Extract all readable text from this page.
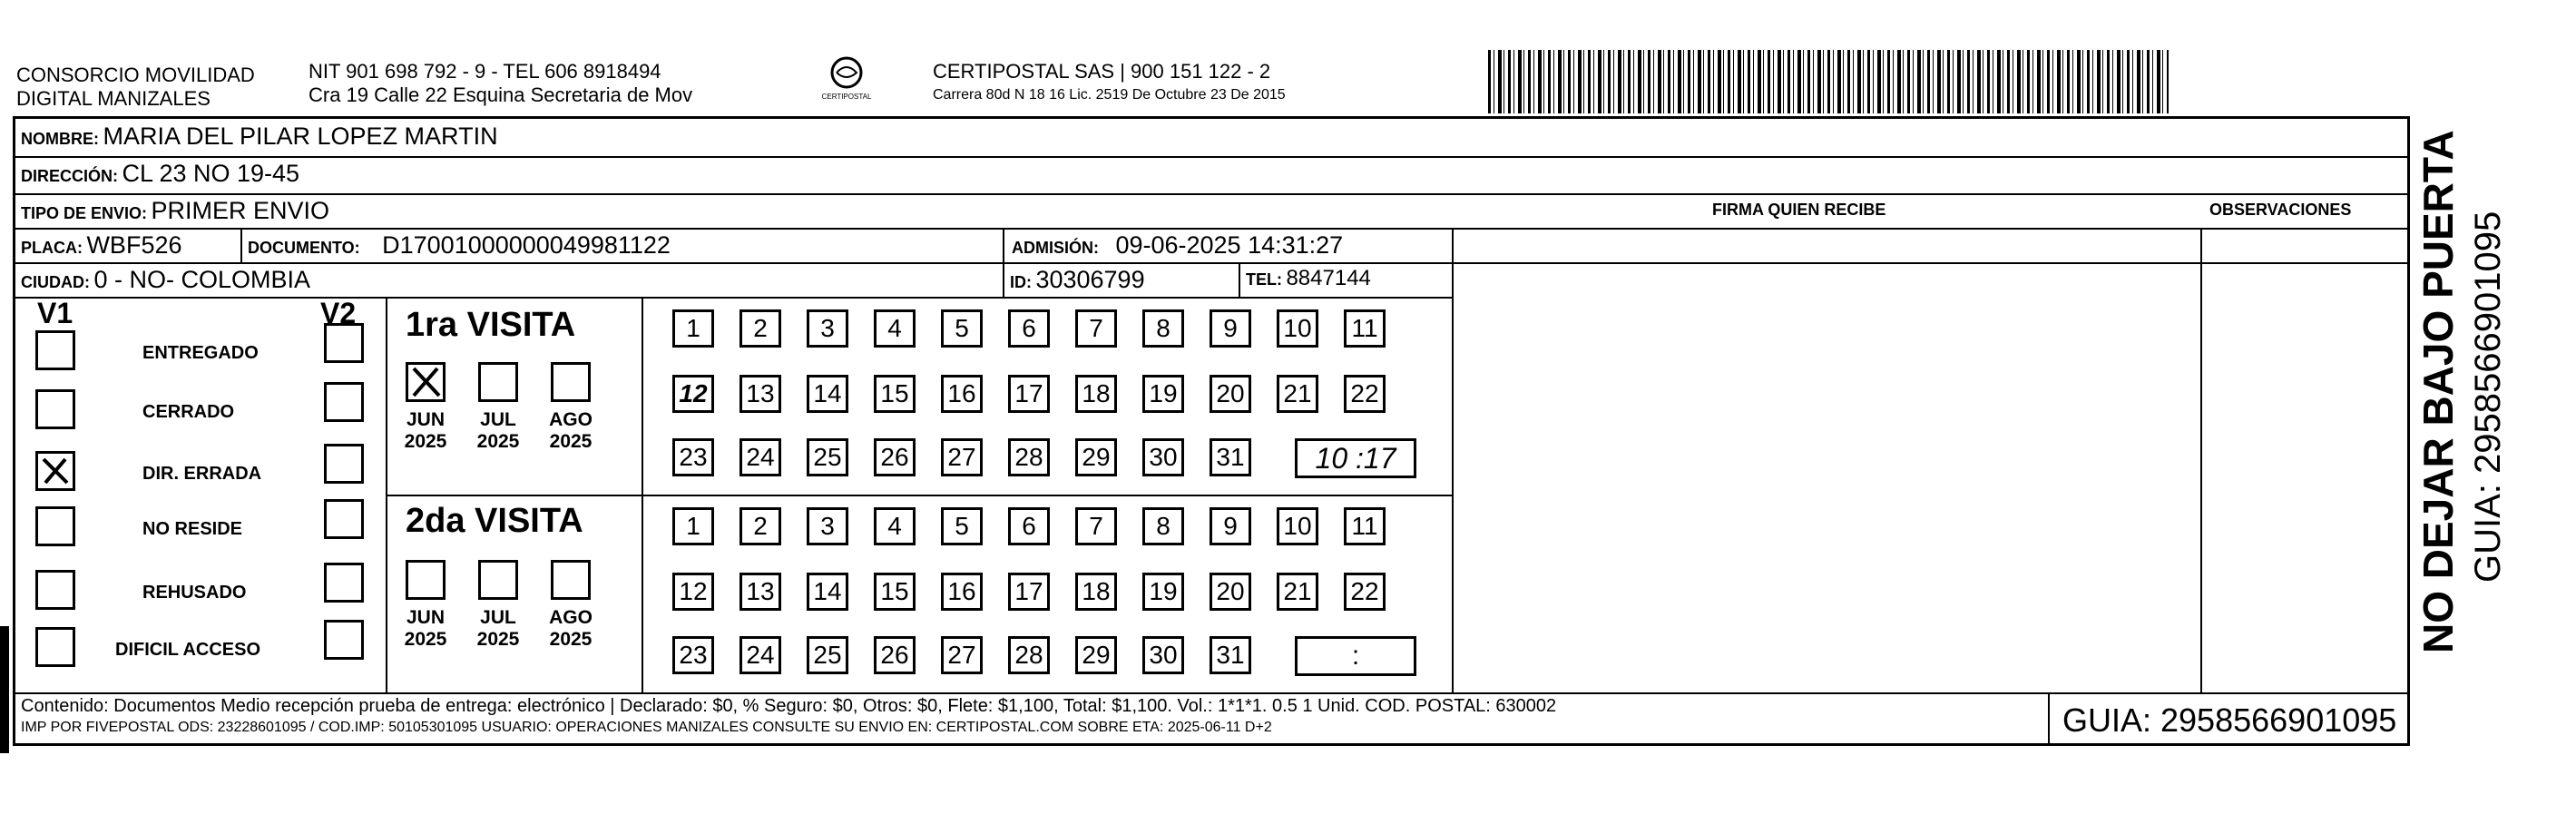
CONSORCIO MOVILIDAD
DIGITAL MANIZALES
NIT 901 698 792 - 9 - TEL 606 8918494
Cra 19 Calle 22 Esquina Secretaria de Mov	CERTIPOSTAL
CERTIPOSTAL SAS | 900 151 122 - 2
Carrera 80d N 18 16 Lic. 2519 De Octubre 23 De 2015
NOMBRE: MARIA DEL PILAR LOPEZ MARTIN
DIRECCIÓN: CL 23 NO 19-45
TIPO DE ENVIO: PRIMER ENVIO	FIRMA QUIEN RECIBE	OBSERVACIONES
PLACA: WBF526	DOCUMENTO: D17001000000049981122	ADMISIÓN: 09-06-2025 14:31:27
CIUDAD: 0 - NO- COLOMBIA	ID: 30306799	TEL: 8847144
V1	V2
ENTREGADO
CERRADO
DIR. ERRADA
NO RESIDE
REHUSADO
DIFICIL ACCESO
1ra VISITA
2da VISITA
JUN
2025
JUL
2025
AGO
2025
JUN
2025
JUL
2025
AGO
2025
1	2	3	4	5	6	7	8	9	10	11
12 13 14 15 16 17 18 19 20 21 22
23 24 25 26 27 28 29 30 31
1	2	3	4	5	6	7	8	9	10	11
12 13 14 15 16 17 18 19 20 21 22
23 24 25 26 27 28 29 30 31
10 :17
:
Contenido: Documentos Medio recepción prueba de entrega: electrónico | Declarado: $0, % Seguro: $0, Otros: $0, Flete: $1,100, Total: $1,100. Vol.: 1*1*1. 0.5 1 Unid. COD. POSTAL: 630002
IMP POR FIVEPOSTAL ODS: 23228601095 / COD.IMP: 50105301095 USUARIO: OPERACIONES MANIZALES CONSULTE SU ENVIO EN: CERTIPOSTAL.COM SOBRE ETA: 2025-06-11 D+2	GUIA: 2958566901095
NO DEJAR BAJO PUERTA GUIA: 2958566901095
